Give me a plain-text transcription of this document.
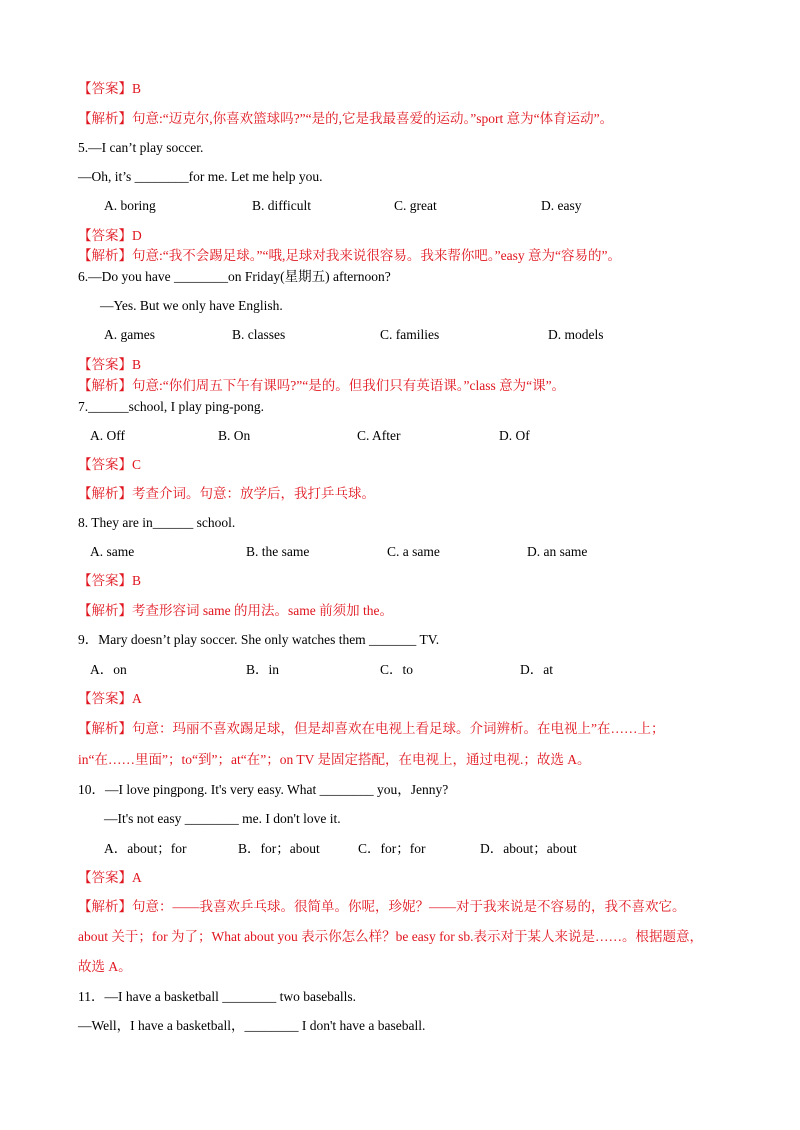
【答案】B
【解析】句意:“迈克尔,你喜欢篮球吗?”“是的,它是我最喜爱的运动。”sport 意为“体育运动”。
5.—I can’t play soccer.
—Oh, it’s ________for me. Let me help you.
A. boring	B. difficult	C. great	D. easy
【答案】D
【解析】句意:“我不会踢足球。”“哦,足球对我来说很容易。我来帮你吧。”easy 意为“容易的”。
6.—Do you have ________on Friday(星期五) afternoon?
—Yes. But we only have English.
A. games	B. classes	C. families	D. models
【答案】B
【解析】句意:“你们周五下午有课吗?”“是的。但我们只有英语课。”class 意为“课”。
7.______school, I play ping-pong.
A. Off	B. On	C. After	D. Of
【答案】C
【解析】考查介词。句意：放学后，我打乒乓球。
8. They are in______ school.
A. same	B. the same	C. a same	D. an same
【答案】B
【解析】考查形容词 same 的用法。same 前须加 the。
9．Mary doesn’t play soccer. She only watches them _______ TV.
A．on	B．in	C．to	D．at
【答案】A
【解析】句意：玛丽不喜欢踢足球，但是却喜欢在电视上看足球。介词辨析。在电视上”在……上；
in“在……里面”；to“到”；at“在”；on TV 是固定搭配，在电视上，通过电视.；故选 A。
10．—I love pingpong. It's very easy. What ________ you，Jenny?
—It's not easy ________ me. I don't love it.
A．about；for	B．for；about	C．for；for	D．about；about
【答案】A
【解析】句意：——我喜欢乒乓球。很简单。你呢，珍妮？——对于我来说是不容易的，我不喜欢它。
about 关于；for 为了；What about you 表示你怎么样？be easy for sb.表示对于某人来说是……。根据题意，
故选 A。
11．—I have a basketball ________ two baseballs.
—Well，I have a basketball，________ I don't have a baseball.
